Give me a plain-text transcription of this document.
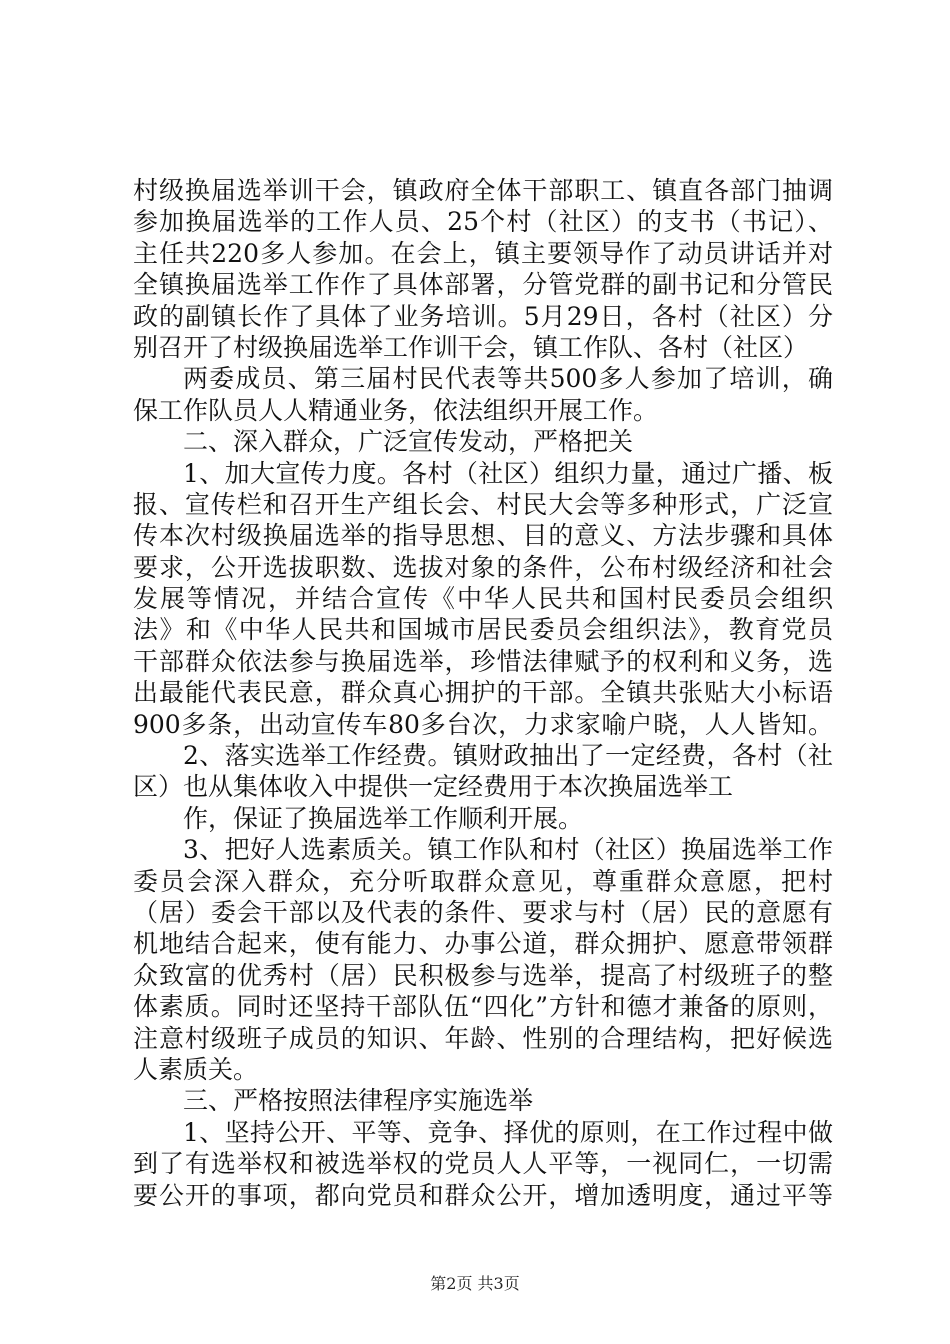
村级换届选举训干会，镇政府全体干部职工、镇直各部门抽调
参加换届选举的工作人员、25个村（社区）的支书（书记）、
主任共220多人参加。在会上，镇主要领导作了动员讲话并对
全镇换届选举工作作了具体部署，分管党群的副书记和分管民
政的副镇长作了具体了业务培训。5月29日，各村（社区）分
别召开了村级换届选举工作训干会，镇工作队、各村（社区）
两委成员、第三届村民代表等共500多人参加了培训，确
保工作队员人人精通业务，依法组织开展工作。
二、深入群众，广泛宣传发动，严格把关
1、加大宣传力度。各村（社区）组织力量，通过广播、板
报、宣传栏和召开生产组长会、村民大会等多种形式，广泛宣
传本次村级换届选举的指导思想、目的意义、方法步骤和具体
要求，公开选拔职数、选拔对象的条件，公布村级经济和社会
发展等情况，并结合宣传《中华人民共和国村民委员会组织
法》和《中华人民共和国城市居民委员会组织法》，教育党员
干部群众依法参与换届选举，珍惜法律赋予的权利和义务，选
出最能代表民意，群众真心拥护的干部。全镇共张贴大小标语
900多条，出动宣传车80多台次，力求家喻户晓，人人皆知。
2、落实选举工作经费。镇财政抽出了一定经费，各村（社
区）也从集体收入中提供一定经费用于本次换届选举工
作，保证了换届选举工作顺利开展。
3、把好人选素质关。镇工作队和村（社区）换届选举工作
委员会深入群众，充分听取群众意见，尊重群众意愿，把村
（居）委会干部以及代表的条件、要求与村（居）民的意愿有
机地结合起来，使有能力、办事公道，群众拥护、愿意带领群
众致富的优秀村（居）民积极参与选举，提高了村级班子的整
体素质。同时还坚持干部队伍“四化”方针和德才兼备的原则，
注意村级班子成员的知识、年龄、性别的合理结构，把好候选
人素质关。
三、严格按照法律程序实施选举
1、坚持公开、平等、竞争、择优的原则，在工作过程中做
到了有选举权和被选举权的党员人人平等，一视同仁，一切需
要公开的事项，都向党员和群众公开，增加透明度，通过平等
第2页 共3页
